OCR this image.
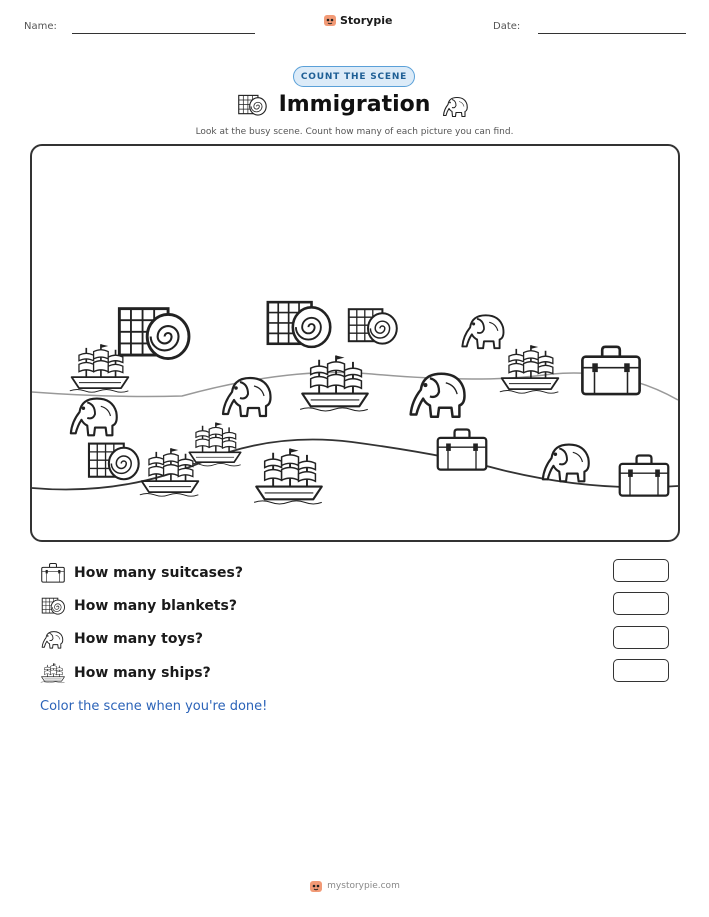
Name:	Storypie	Date:
COUNT THE SCENE
Immigration
Look at the busy scene. Count how many of each picture you can find.
How many suitcases?
How many blankets?
How many toys?
How many ships?
Color the scene when you're done!
mystorypie.com
